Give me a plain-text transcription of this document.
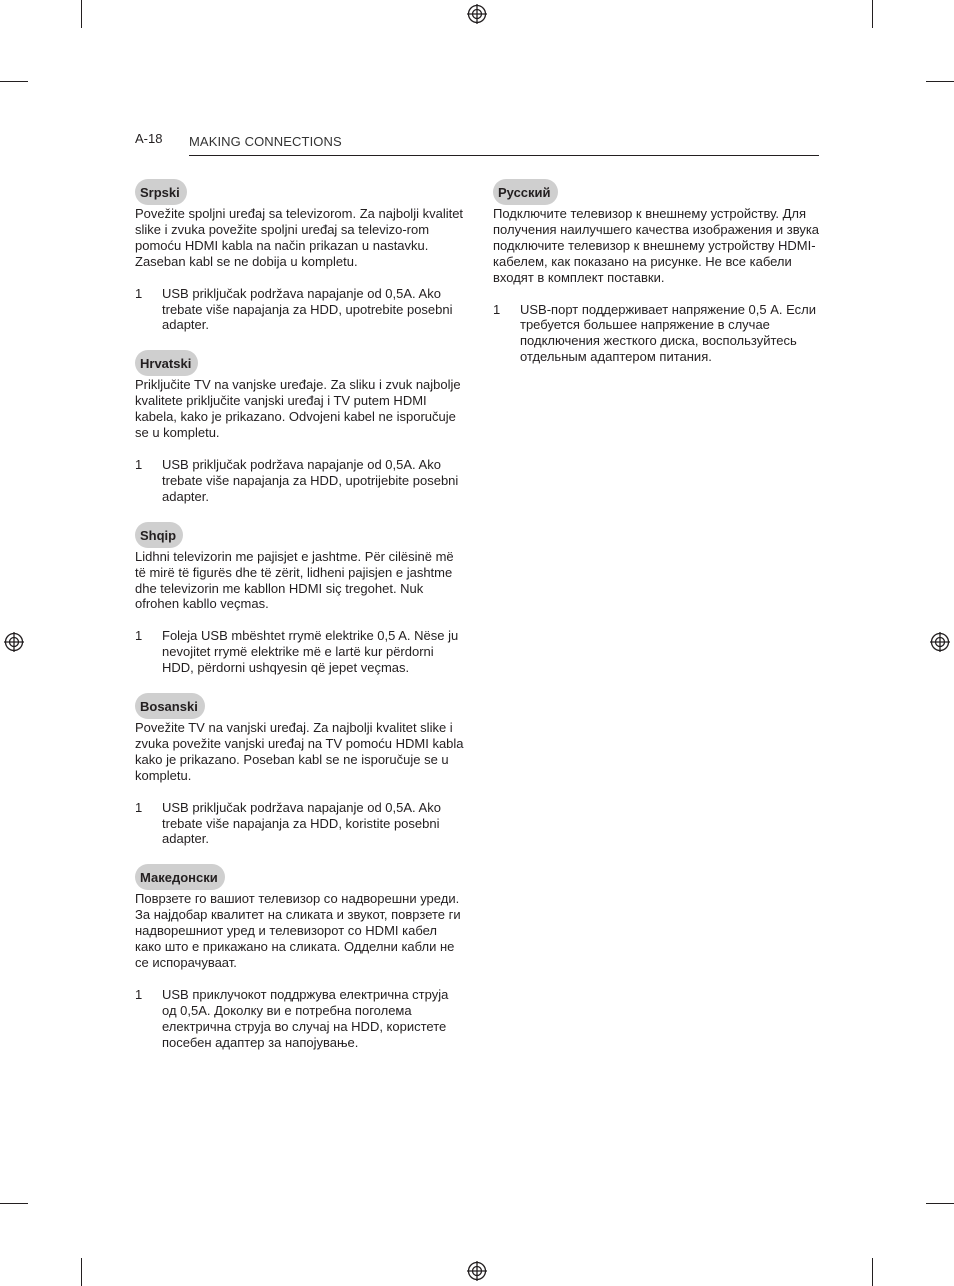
A-18 MAKING CONNECTIONS
Srpski

Povežite spoljni uređaj sa televizorom. Za najbolji kvalitet slike i zvuka povežite spoljni uređaj sa televizo-rom pomoću HDMI kabla na način prikazan u nastavku. Zaseban kabl se ne dobija u kompletu.

1	USB priključak podržava napajanje od 0,5A. Ako trebate više napajanja za HDD, upotrebite posebni adapter.
Hrvatski

Priključite TV na vanjske uređaje. Za sliku i zvuk najbolje kvalitete priključite vanjski uređaj i TV putem HDMI kabela, kako je prikazano. Odvojeni kabel ne isporučuje se u kompletu.

1	USB priključak podržava napajanje od 0,5A. Ako trebate više napajanja za HDD, upotrijebite posebni adapter.
Shqip

Lidhni televizorin me pajisjet e jashtme. Për cilësinë më të mirë të figurës dhe të zërit, lidheni pajisjen e jashtme dhe televizorin me kabllon HDMI siç tregohet. Nuk ofrohen kabllo veçmas.

1	Foleja USB mbështet rrymë elektrike 0,5 A. Nëse ju nevojitet rrymë elektrike më e lartë kur përdorni HDD, përdorni ushqyesin që jepet veçmas.
Bosanski

Povežite TV na vanjski uređaj. Za najbolji kvalitet slike i zvuka povežite vanjski uređaj na TV pomoću HDMI kabla kako je prikazano. Poseban kabl se ne isporučuje se u kompletu.

1	USB priključak podržava napajanje od 0,5A. Ako trebate više napajanja za HDD, koristite posebni adapter.
Македонски

Поврзете го вашиот телевизор со надворешни уреди. За најдобар квалитет на сликата и звукот, поврзете ги надворешниот уред и телевизорот со HDMI кабел како што е прикажано на сликата. Одделни кабли не се испорачуваат.

1	USB приклучокот поддржува електрична струја од 0,5A. Доколку ви е потребна поголема електрична струја во случај на HDD, користете посебен адаптер за напојување.
Русский

Подключите телевизор к внешнему устройству. Для получения наилучшего качества изображения и звука подключите телевизор к внешнему устройству HDMI-кабелем, как показано на рисунке. Не все кабели входят в комплект поставки.

1	USB-порт поддерживает напряжение 0,5 A. Если требуется большее напряжение в случае подключения жесткого диска, воспользуйтесь отдельным адаптером питания.
